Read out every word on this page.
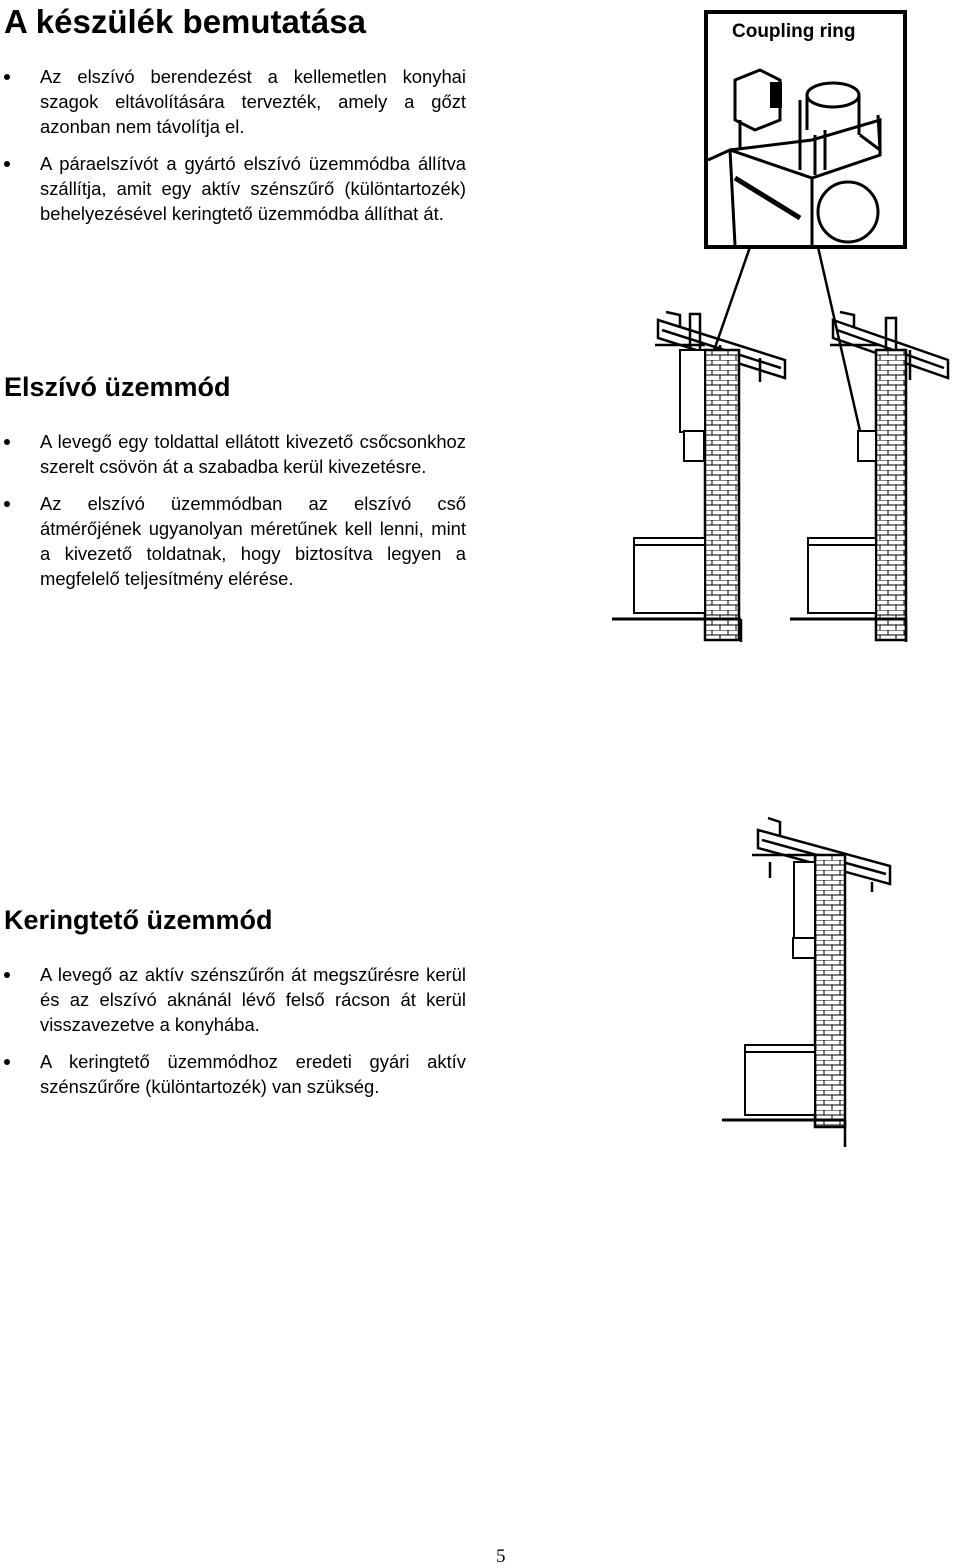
A készülék bemutatása
Az elszívó berendezést a kellemetlen konyhai szagok eltávolítására tervezték, amely a gőzt azonban nem távolítja el.
A páraelszívót a gyártó elszívó üzemmódba állítva szállítja, amit egy aktív szénszűrő (különtartozék) behelyezésével keringtető üzemmódba állíthat át.
Elszívó üzemmód
A levegő egy toldattal ellátott kivezető csőcsonkhoz szerelt csövön át a szabadba kerül kivezetésre.
Az elszívó üzemmódban az elszívó cső átmérőjének ugyanolyan méretűnek kell lenni, mint a kivezető toldatnak, hogy biztosítva legyen a megfelelő teljesítmény elérése.
Keringtető üzemmód
A levegő az aktív szénszűrőn át megszűrésre kerül és az elszívó aknánál lévő felső rácson át kerül visszavezetve a konyhába.
A keringtető üzemmódhoz eredeti gyári aktív szénszűrőre (különtartozék) van szükség.
Coupling ring
5
